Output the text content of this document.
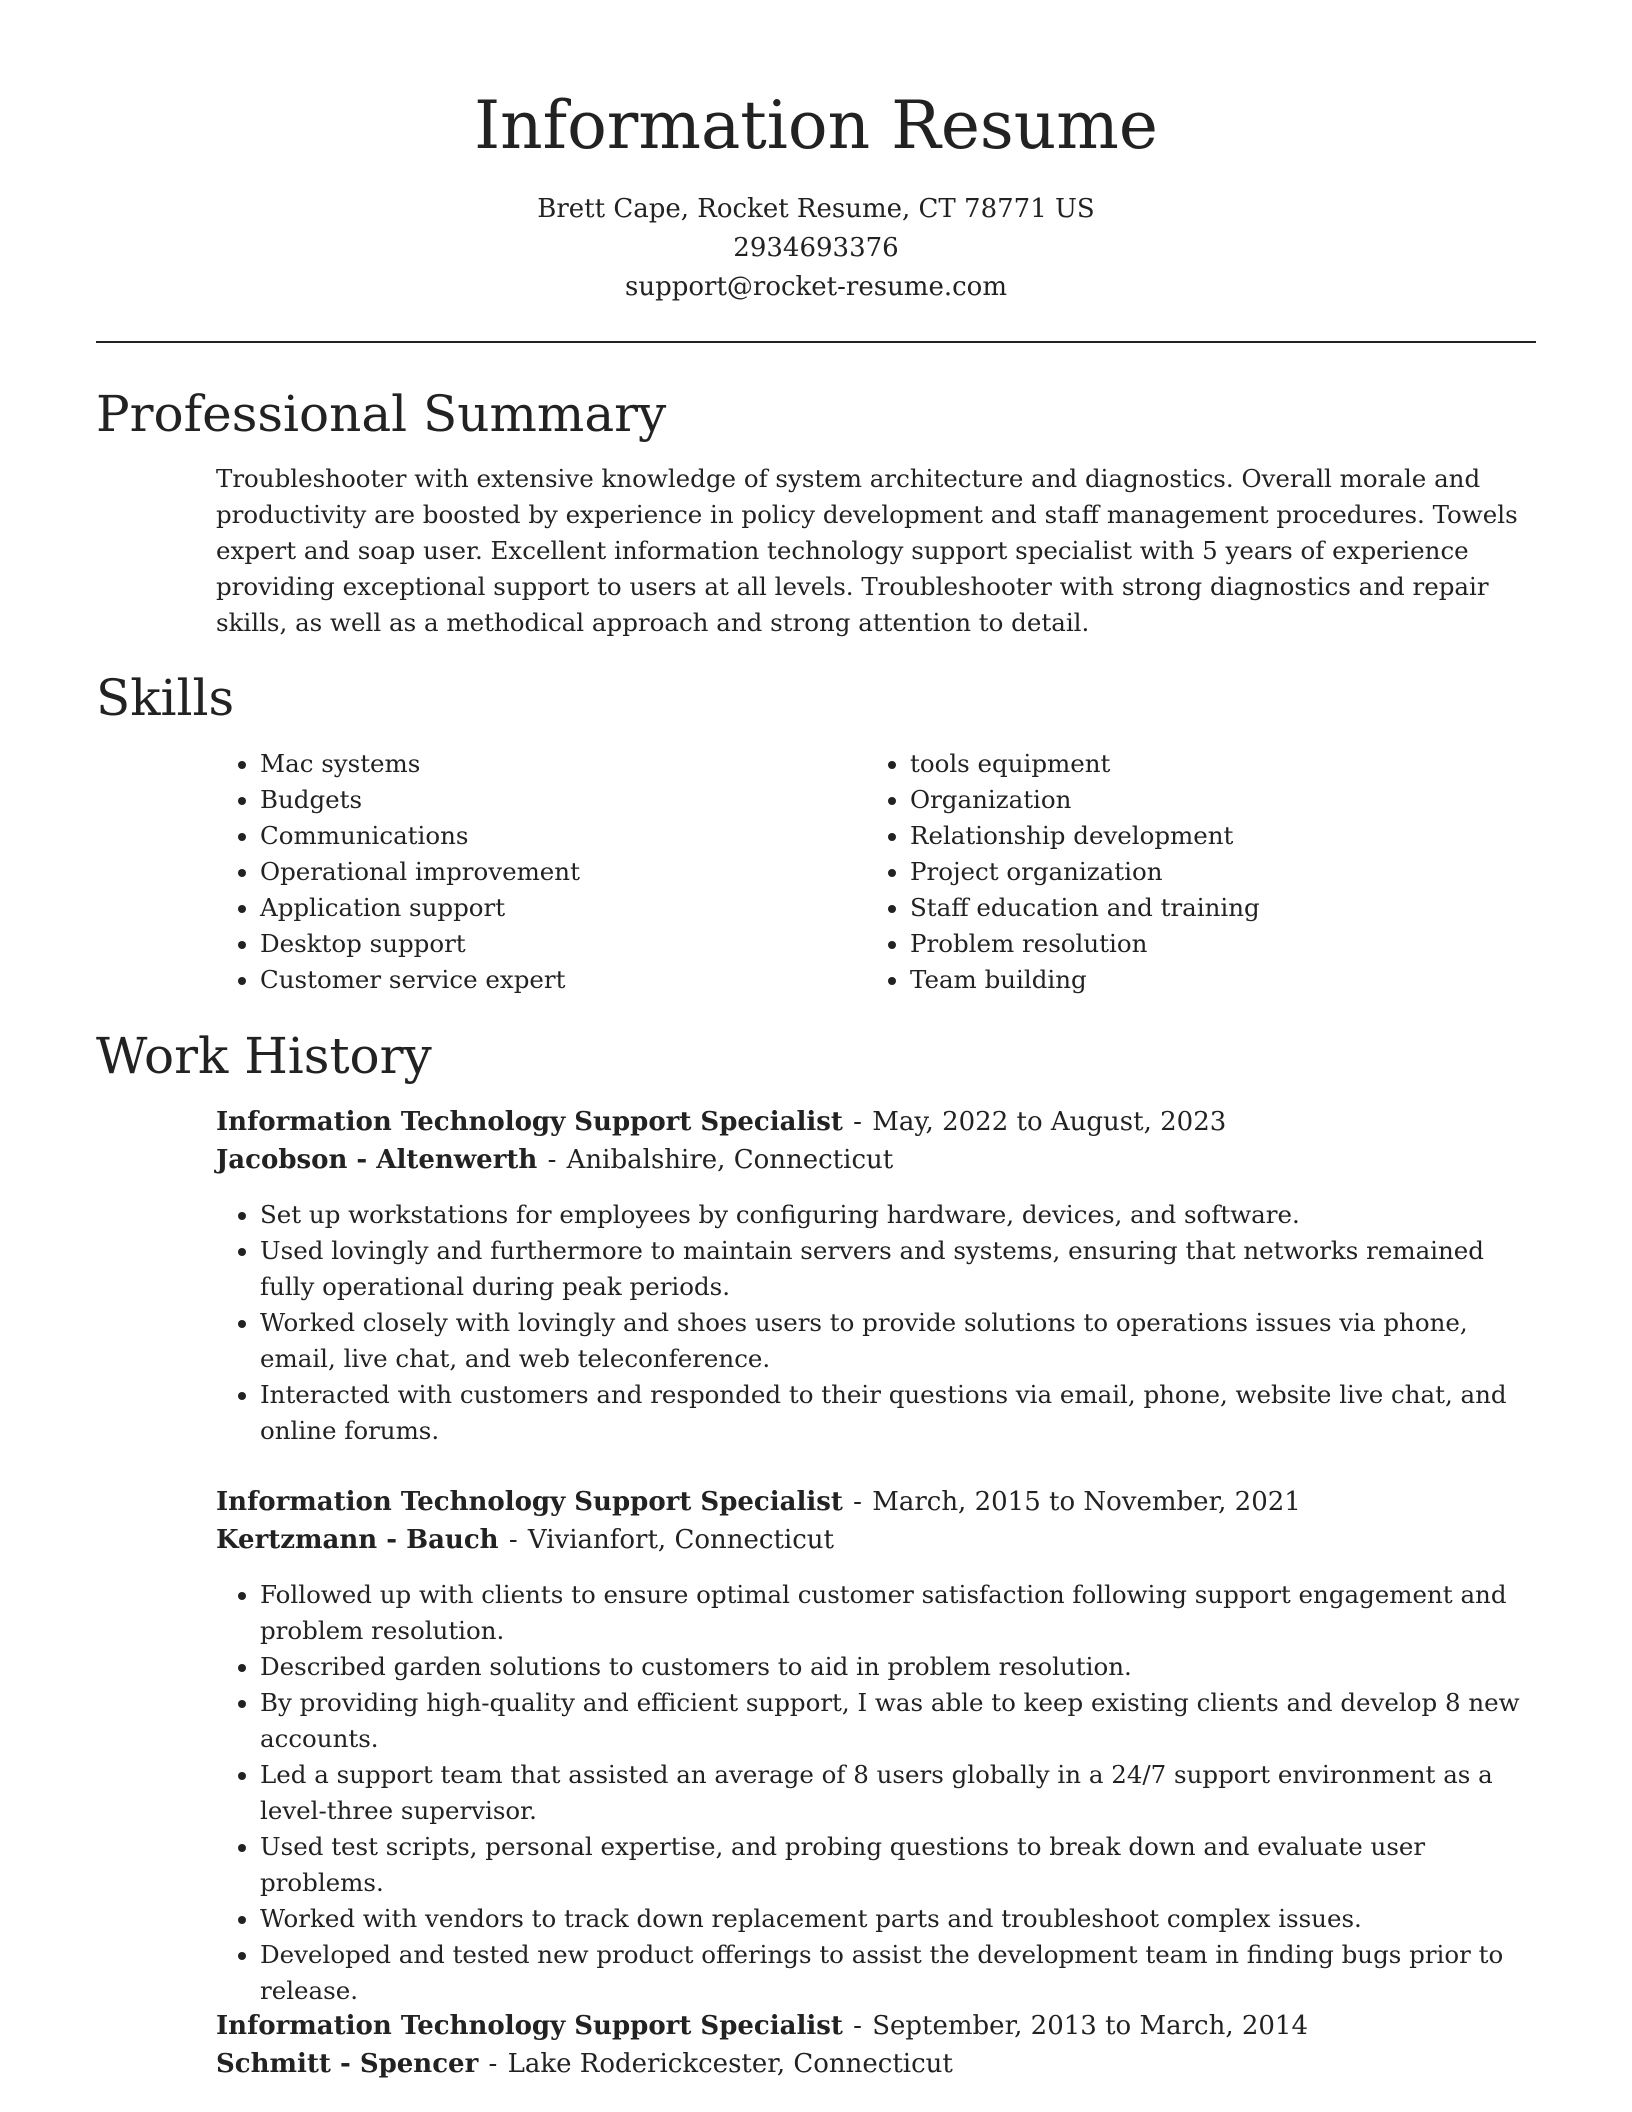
Information Resume
Brett Cape, Rocket Resume, CT 78771 US
2934693376
support@rocket-resume.com
Professional Summary

Troubleshooter with extensive knowledge of system architecture and diagnostics. Overall morale and productivity are boosted by experience in policy development and staff management procedures. Towels expert and soap user. Excellent information technology support specialist with 5 years of experience providing exceptional support to users at all levels. Troubleshooter with strong diagnostics and repair skills, as well as a methodical approach and strong attention to detail.

Skills
• Mac systems
• Budgets
• Communications
• Operational improvement
• Application support
• Desktop support
• Customer service expert
• tools equipment
• Organization
• Relationship development
• Project organization
• Staff education and training
• Problem resolution
• Team building
Work History
Information Technology Support Specialist - May, 2022 to August, 2023
Jacobson - Altenwerth - Anibalshire, Connecticut
• Set up workstations for employees by configuring hardware, devices, and software.
• Used lovingly and furthermore to maintain servers and systems, ensuring that networks remained fully operational during peak periods.
• Worked closely with lovingly and shoes users to provide solutions to operations issues via phone, email, live chat, and web teleconference.
• Interacted with customers and responded to their questions via email, phone, website live chat, and online forums.
Information Technology Support Specialist - March, 2015 to November, 2021
Kertzmann - Bauch - Vivianfort, Connecticut
• Followed up with clients to ensure optimal customer satisfaction following support engagement and problem resolution.
• Described garden solutions to customers to aid in problem resolution.
• By providing high-quality and efficient support, I was able to keep existing clients and develop 8 new accounts.
• Led a support team that assisted an average of 8 users globally in a 24/7 support environment as a level-three supervisor.
• Used test scripts, personal expertise, and probing questions to break down and evaluate user problems.
• Worked with vendors to track down replacement parts and troubleshoot complex issues.
• Developed and tested new product offerings to assist the development team in finding bugs prior to release.
Information Technology Support Specialist - September, 2013 to March, 2014
Schmitt - Spencer - Lake Roderickcester, Connecticut
